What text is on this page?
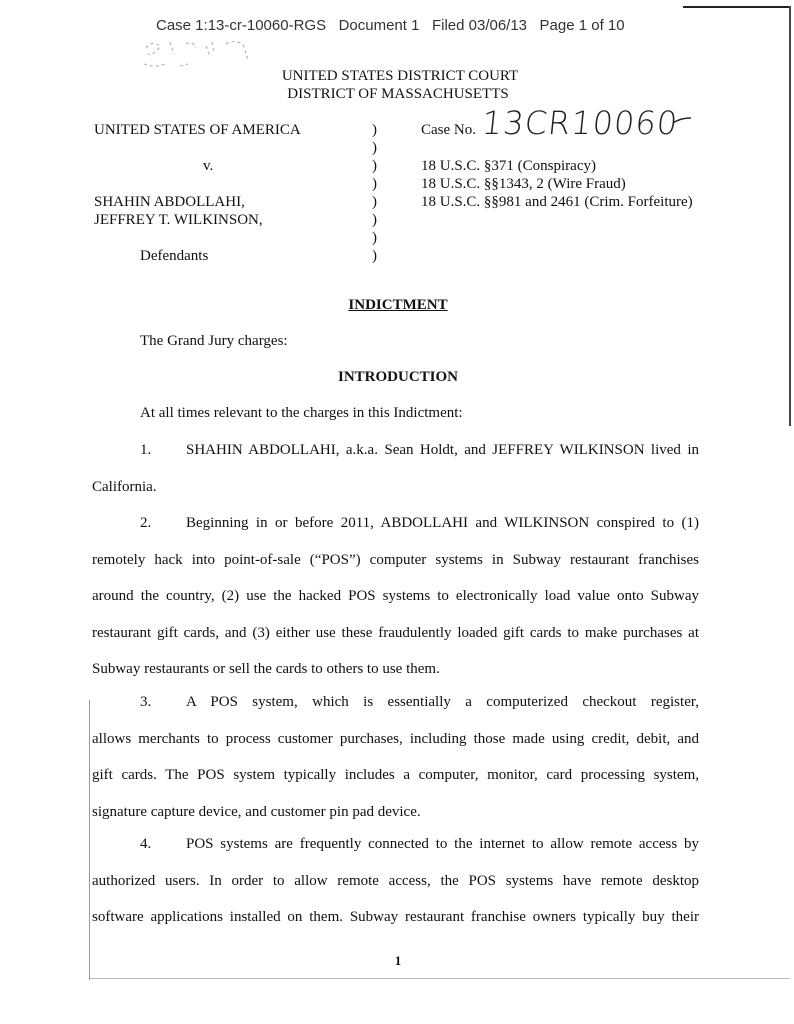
Case 1:13-cr-10060-RGS   Document 1   Filed 03/06/13   Page 1 of 10
UNITED STATES DISTRICT COURT
DISTRICT OF MASSACHUSETTS
UNITED STATES OF AMERICA
v.
SHAHIN ABDOLLAHI,
JEFFREY T. WILKINSON,
Defendants
)
)
)
)
)
)
)
)
Case No. 13CR10060
18 U.S.C. §371 (Conspiracy)
18 U.S.C. §§1343, 2 (Wire Fraud)
18 U.S.C. §§981 and 2461 (Crim. Forfeiture)
INDICTMENT
The Grand Jury charges:
INTRODUCTION
At all times relevant to the charges in this Indictment:
1. SHAHIN ABDOLLAHI, a.k.a. Sean Holdt, and JEFFREY WILKINSON lived in
California.
2. Beginning in or before 2011, ABDOLLAHI and WILKINSON conspired to (1)
remotely hack into point-of-sale (“POS”) computer systems in Subway restaurant franchises
around the country, (2) use the hacked POS systems to electronically load value onto Subway
restaurant gift cards, and (3) either use these fraudulently loaded gift cards to make purchases at
Subway restaurants or sell the cards to others to use them.
3. A POS system, which is essentially a computerized checkout register,
allows merchants to process customer purchases, including those made using credit, debit, and
gift cards. The POS system typically includes a computer, monitor, card processing system,
signature capture device, and customer pin pad device.
4. POS systems are frequently connected to the internet to allow remote access by
authorized users. In order to allow remote access, the POS systems have remote desktop
software applications installed on them. Subway restaurant franchise owners typically buy their
1
